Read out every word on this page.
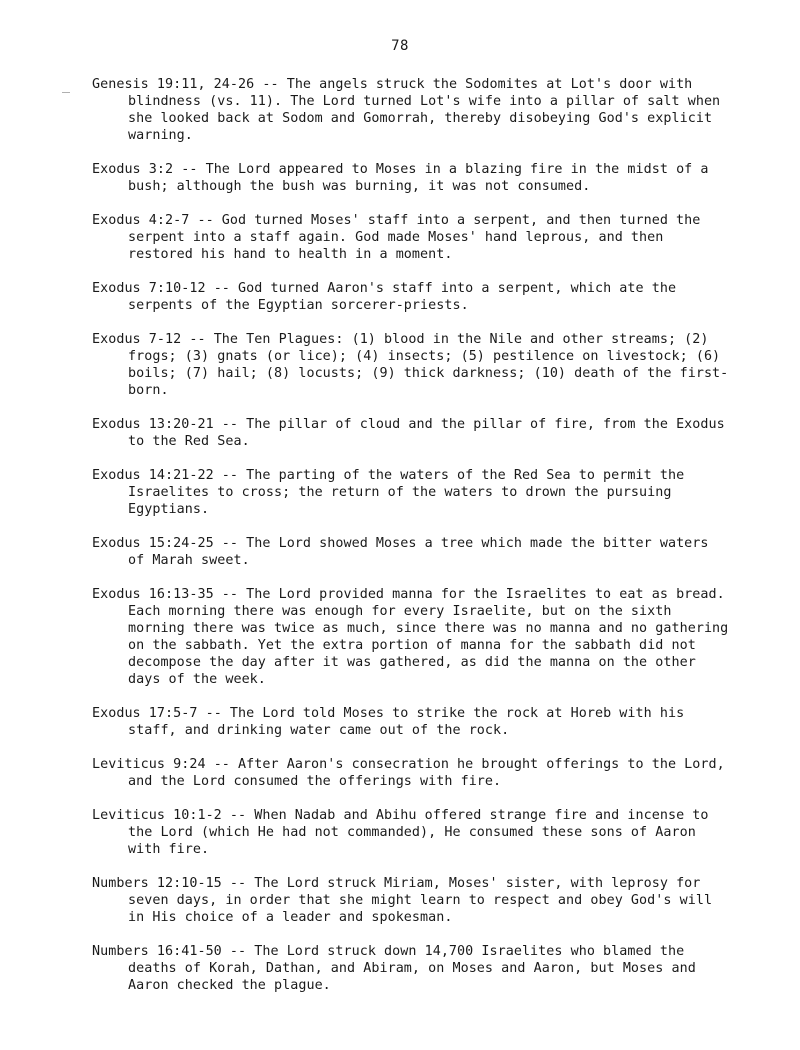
78
Genesis 19:11, 24-26 -- The angels struck the Sodomites at Lot's door with blindness (vs. 11). The Lord turned Lot's wife into a pillar of salt when she looked back at Sodom and Gomorrah, thereby disobeying God's explicit warning.
Exodus 3:2 -- The Lord appeared to Moses in a blazing fire in the midst of a bush; although the bush was burning, it was not consumed.
Exodus 4:2-7 -- God turned Moses' staff into a serpent, and then turned the serpent into a staff again. God made Moses' hand leprous, and then restored his hand to health in a moment.
Exodus 7:10-12 -- God turned Aaron's staff into a serpent, which ate the serpents of the Egyptian sorcerer-priests.
Exodus 7-12 -- The Ten Plagues: (1) blood in the Nile and other streams; (2) frogs; (3) gnats (or lice); (4) insects; (5) pestilence on livestock; (6) boils; (7) hail; (8) locusts; (9) thick darkness; (10) death of the first-born.
Exodus 13:20-21 -- The pillar of cloud and the pillar of fire, from the Exodus to the Red Sea.
Exodus 14:21-22 -- The parting of the waters of the Red Sea to permit the Israelites to cross; the return of the waters to drown the pursuing Egyptians.
Exodus 15:24-25 -- The Lord showed Moses a tree which made the bitter waters of Marah sweet.
Exodus 16:13-35 -- The Lord provided manna for the Israelites to eat as bread. Each morning there was enough for every Israelite, but on the sixth morning there was twice as much, since there was no manna and no gathering on the sabbath. Yet the extra portion of manna for the sabbath did not decompose the day after it was gathered, as did the manna on the other days of the week.
Exodus 17:5-7 -- The Lord told Moses to strike the rock at Horeb with his staff, and drinking water came out of the rock.
Leviticus 9:24 -- After Aaron's consecration he brought offerings to the Lord, and the Lord consumed the offerings with fire.
Leviticus 10:1-2 -- When Nadab and Abihu offered strange fire and incense to the Lord (which He had not commanded), He consumed these sons of Aaron with fire.
Numbers 12:10-15 -- The Lord struck Miriam, Moses' sister, with leprosy for seven days, in order that she might learn to respect and obey God's will in His choice of a leader and spokesman.
Numbers 16:41-50 -- The Lord struck down 14,700 Israelites who blamed the deaths of Korah, Dathan, and Abiram, on Moses and Aaron, but Moses and Aaron checked the plague.
